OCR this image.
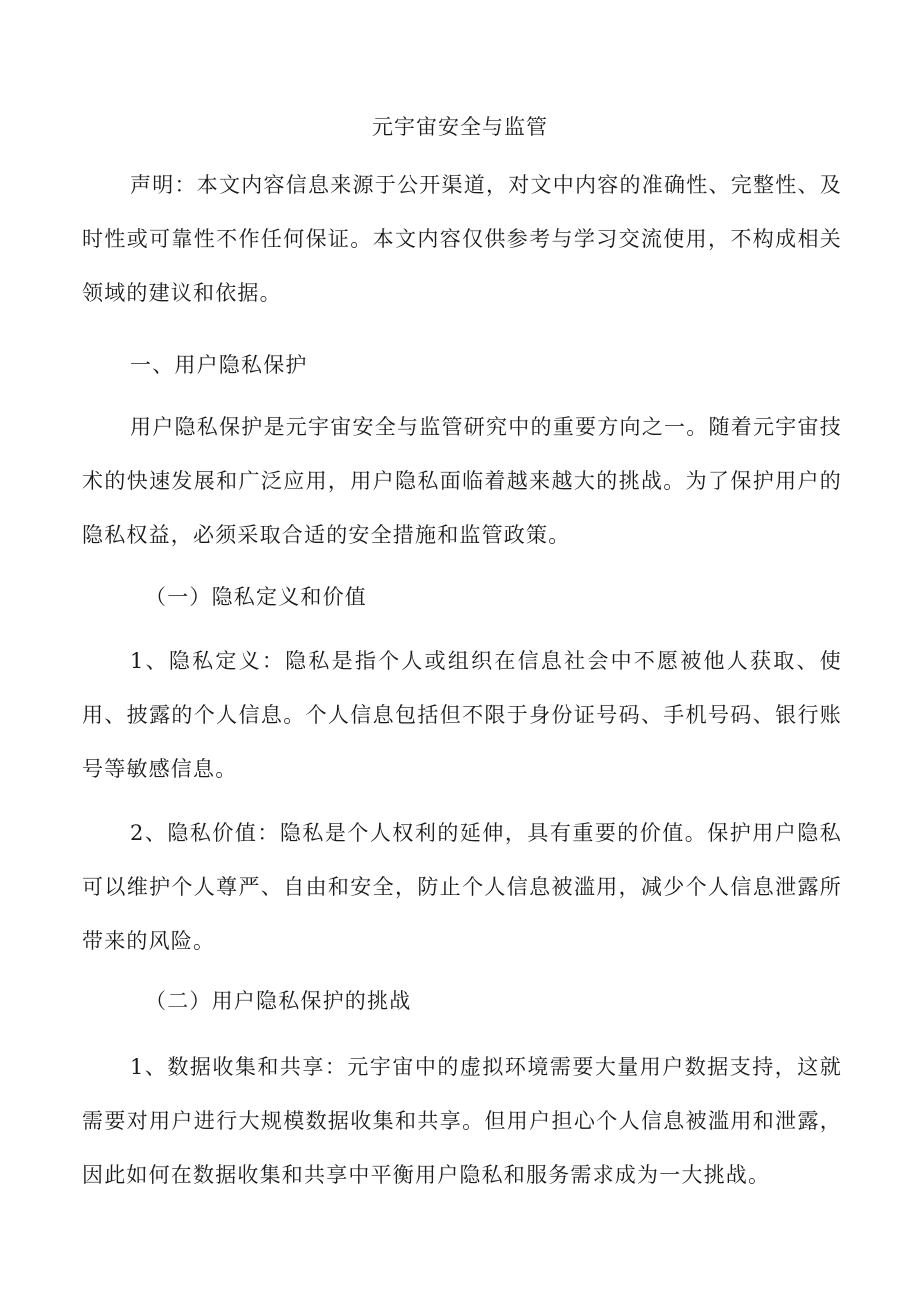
元宇宙安全与监管

声明：本文内容信息来源于公开渠道，对文中内容的准确性、完整性、及时性或可靠性不作任何保证。本文内容仅供参考与学习交流使用，不构成相关领域的建议和依据。

一、用户隐私保护

用户隐私保护是元宇宙安全与监管研究中的重要方向之一。随着元宇宙技术的快速发展和广泛应用，用户隐私面临着越来越大的挑战。为了保护用户的隐私权益，必须采取合适的安全措施和监管政策。

（一）隐私定义和价值

1、隐私定义：隐私是指个人或组织在信息社会中不愿被他人获取、使用、披露的个人信息。个人信息包括但不限于身份证号码、手机号码、银行账号等敏感信息。

2、隐私价值：隐私是个人权利的延伸，具有重要的价值。保护用户隐私可以维护个人尊严、自由和安全，防止个人信息被滥用，减少个人信息泄露所带来的风险。

（二）用户隐私保护的挑战

1、数据收集和共享：元宇宙中的虚拟环境需要大量用户数据支持，这就需要对用户进行大规模数据收集和共享。但用户担心个人信息被滥用和泄露，因此如何在数据收集和共享中平衡用户隐私和服务需求成为一大挑战。
